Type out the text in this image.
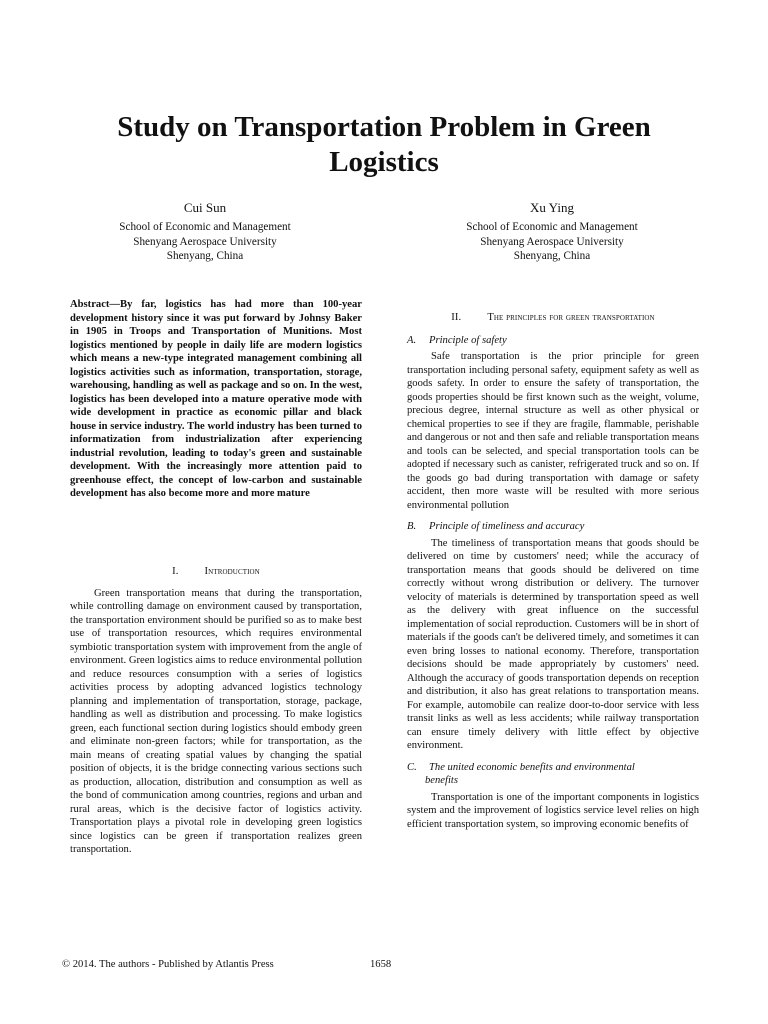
Study on Transportation Problem in Green Logistics
Cui Sun
School of Economic and Management
Shenyang Aerospace University
Shenyang, China
Xu Ying
School of Economic and Management
Shenyang Aerospace University
Shenyang, China

Abstract—By far, logistics has had more than 100-year development history since it was put forward by Johnsy Baker in 1905 in Troops and Transportation of Munitions. Most logistics mentioned by people in daily life are modern logistics which means a new-type integrated management combining all logistics activities such as information, transportation, storage, warehousing, handling as well as package and so on. In the west, logistics has been developed into a mature operative mode with wide development in practice as economic pillar and black house in service industry. The world industry has been turned to informatization from industrialization after experiencing industrial revolution, leading to today's green and sustainable development. With the increasingly more attention paid to greenhouse effect, the concept of low-carbon and sustainable development has also become more and more mature

I. Introduction

Green transportation means that during the transportation, while controlling damage on environment caused by transportation, the transportation environment should be purified so as to make best use of transportation resources, which requires environmental symbiotic transportation system with improvement from the angle of environment. Green logistics aims to reduce environmental pollution and reduce resources consumption with a series of logistics activities process by adopting advanced logistics technology planning and implementation of transportation, storage, package, handling as well as distribution and processing. To make logistics green, each functional section during logistics should embody green and eliminate non-green factors; while for transportation, as the main means of creating spatial values by changing the spatial position of objects, it is the bridge connecting various sections such as production, allocation, distribution and consumption as well as the bond of communication among countries, regions and urban and rural areas, which is the decisive factor of logistics activity. Transportation plays a pivotal role in developing green logistics since logistics can be green if transportation realizes green transportation.

II. The principles for green transportation

A. Principle of safety

Safe transportation is the prior principle for green transportation including personal safety, equipment safety as well as goods safety. In order to ensure the safety of transportation, the goods properties should be first known such as the weight, volume, precious degree, internal structure as well as other physical or chemical properties to see if they are fragile, flammable, perishable and dangerous or not and then safe and reliable transportation means and tools can be selected, and special transportation tools can be adopted if necessary such as canister, refrigerated truck and so on. If the goods go bad during transportation with damage or safety accident, then more waste will be resulted with more serious environmental pollution

B. Principle of timeliness and accuracy

The timeliness of transportation means that goods should be delivered on time by customers' need; while the accuracy of transportation means that goods should be delivered on time correctly without wrong distribution or delivery. The turnover velocity of materials is determined by transportation speed as well as the delivery with great influence on the successful implementation of social reproduction. Customers will be in short of materials if the goods can't be delivered timely, and sometimes it can even bring losses to national economy. Therefore, transportation decisions should be made appropriately by customers' need. Although the accuracy of goods transportation depends on reception and distribution, it also has great relations to transportation means. For example, automobile can realize door-to-door service with less transit links as well as less accidents; while railway transportation can ensure timely delivery with little effect by objective environment.

C. The united economic benefits and environmental
benefits

Transportation is one of the important components in logistics system and the improvement of logistics service level relies on high efficient transportation system, so improving economic benefits of

© 2014. The authors - Published by Atlantis Press	1658
